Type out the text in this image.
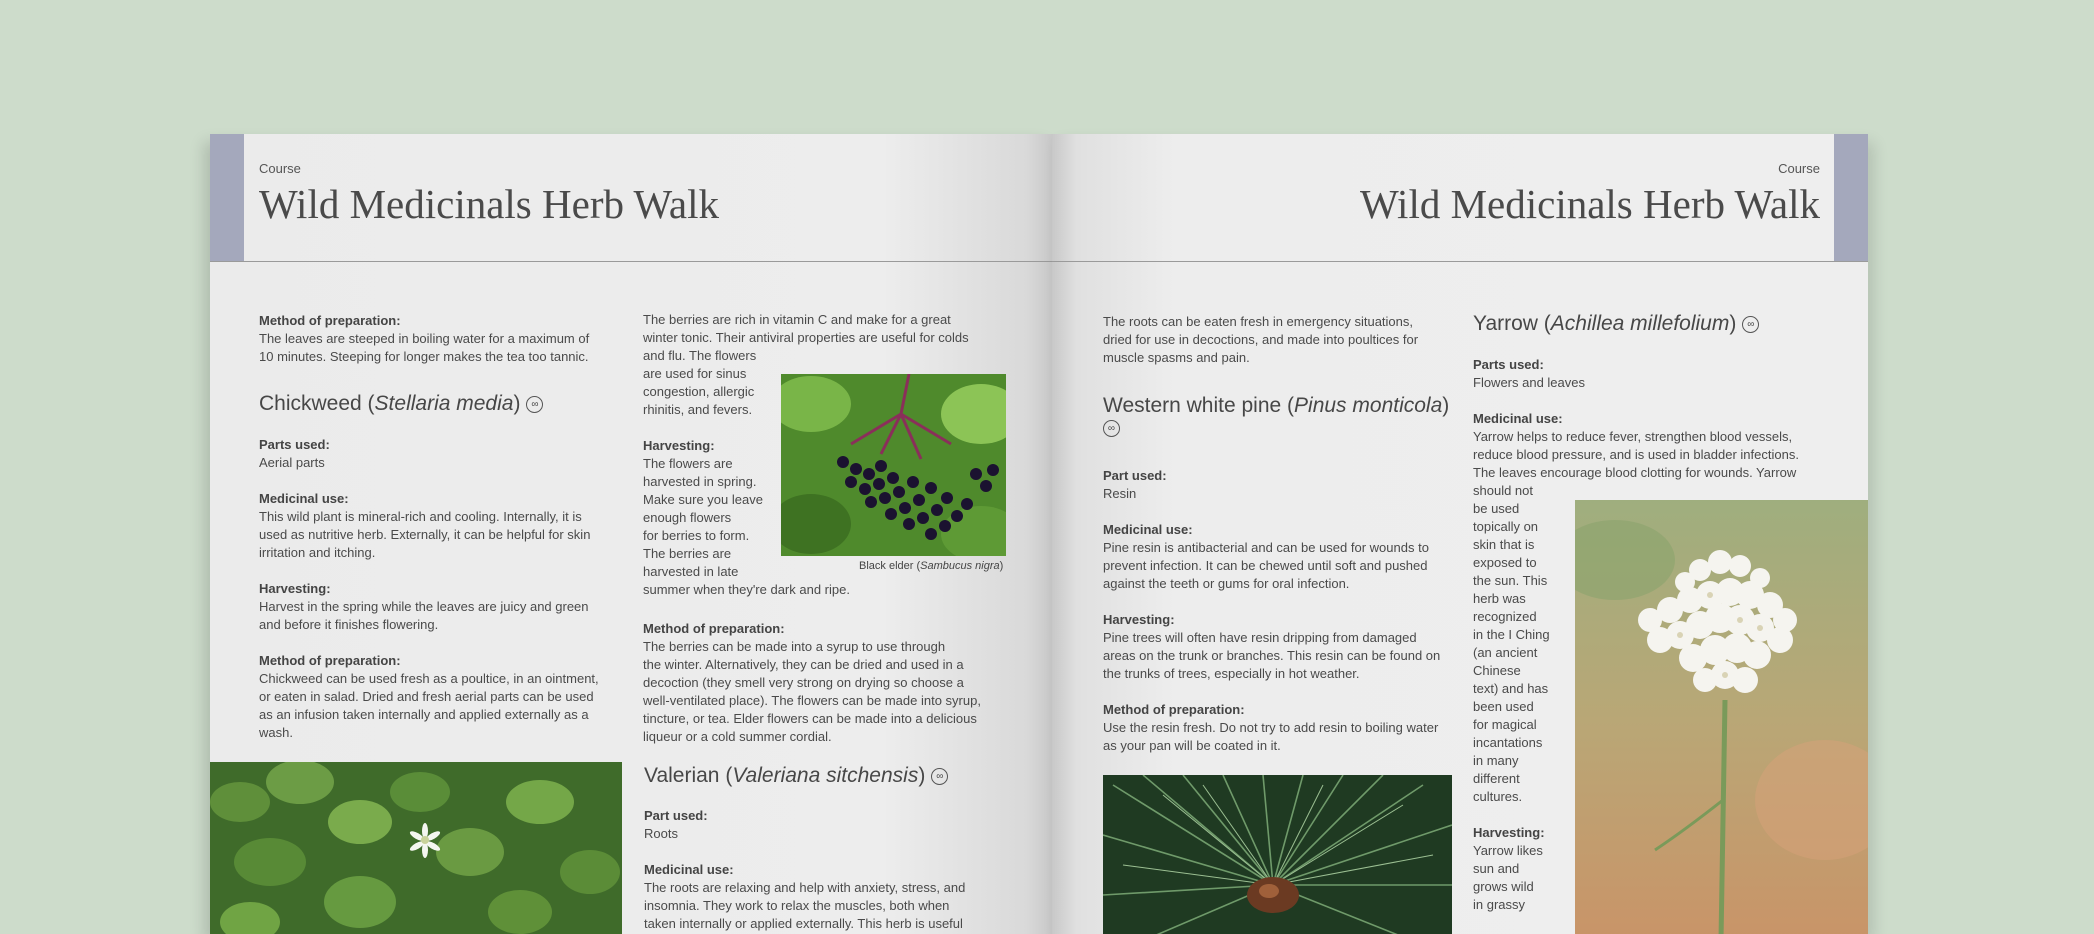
Course
Wild Medicinals Herb Walk
Method of preparation:
The leaves are steeped in boiling water for a maximum of
10 minutes. Steeping for longer makes the tea too tannic.
Chickweed (Stellaria media) ∞
Parts used:
Aerial parts
Medicinal use:
This wild plant is mineral-rich and cooling. Internally, it is
used as nutritive herb. Externally, it can be helpful for skin
irritation and itching.
Harvesting:
Harvest in the spring while the leaves are juicy and green
and before it finishes flowering.
Method of preparation:
Chickweed can be used fresh as a poultice, in an ointment,
or eaten in salad. Dried and fresh aerial parts can be used
as an infusion taken internally and applied externally as a
wash.
The berries are rich in vitamin C and make for a great
winter tonic. Their antiviral properties are useful for colds
and flu. The flowers
are used for sinus
congestion, allergic
rhinitis, and fevers.
Harvesting:
The flowers are
harvested in spring.
Make sure you leave
enough flowers
for berries to form.
The berries are
harvested in late
summer when they're dark and ripe.
Black elder (Sambucus nigra)
Method of preparation:
The berries can be made into a syrup to use through
the winter. Alternatively, they can be dried and used in a
decoction (they smell very strong on drying so choose a
well-ventilated place). The flowers can be made into syrup,
tincture, or tea. Elder flowers can be made into a delicious
liqueur or a cold summer cordial.
Valerian (Valeriana sitchensis) ∞
Part used:
Roots
Medicinal use:
The roots are relaxing and help with anxiety, stress, and
insomnia. They work to relax the muscles, both when
taken internally or applied externally. This herb is useful
Course
Wild Medicinals Herb Walk
The roots can be eaten fresh in emergency situations,
dried for use in decoctions, and made into poultices for
muscle spasms and pain.
Western white pine (Pinus monticola)
∞
Part used:
Resin
Medicinal use:
Pine resin is antibacterial and can be used for wounds to
prevent infection. It can be chewed until soft and pushed
against the teeth or gums for oral infection.
Harvesting:
Pine trees will often have resin dripping from damaged
areas on the trunk or branches. This resin can be found on
the trunks of trees, especially in hot weather.
Method of preparation:
Use the resin fresh. Do not try to add resin to boiling water
as your pan will be coated in it.
Yarrow (Achillea millefolium) ∞
Parts used:
Flowers and leaves
Medicinal use:
Yarrow helps to reduce fever, strengthen blood vessels,
reduce blood pressure, and is used in bladder infections.
The leaves encourage blood clotting for wounds. Yarrow
should not
be used
topically on
skin that is
exposed to
the sun. This
herb was
recognized
in the I Ching
(an ancient
Chinese
text) and has
been used
for magical
incantations
in many
different
cultures.
Harvesting:
Yarrow likes
sun and
grows wild
in grassy
